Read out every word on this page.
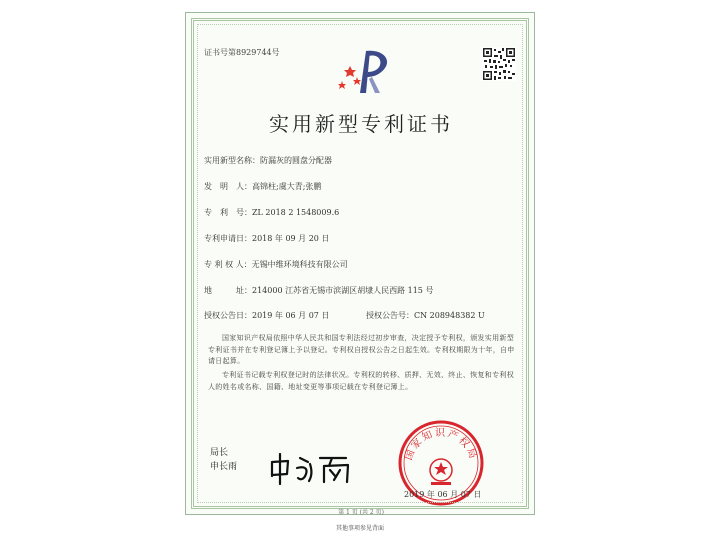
证书号第8929744号
实用新型专利证书
实用新型名称：防漏灰的圆盘分配器
发　明　人：高锦柱;虞大青;张鹏
专　利　号：ZL 2018 2 1548009.6
专利申请日：2018 年 09 月 20 日
专 利 权 人：无锡中维环境科技有限公司
地　　　址：214000 江苏省无锡市滨湖区胡埭人民西路 115 号
授权公告日：2019 年 06 月 07 日	授权公告号：CN 208948382 U
国家知识产权局依照中华人民共和国专利法经过初步审查，决定授予专利权，颁发实用新型专利证书并在专利登记簿上予以登记。专利权自授权公告之日起生效。专利权期限为十年，自申请日起算。
专利证书记载专利权登记时的法律状况。专利权的转移、质押、无效、终止、恢复和专利权人的姓名或名称、国籍、地址变更等事项记载在专利登记簿上。
局长
申长雨
国家知识产权局
2019 年 06 月 07 日
第 1 页 (共 2 页)
其他事项参见背面
